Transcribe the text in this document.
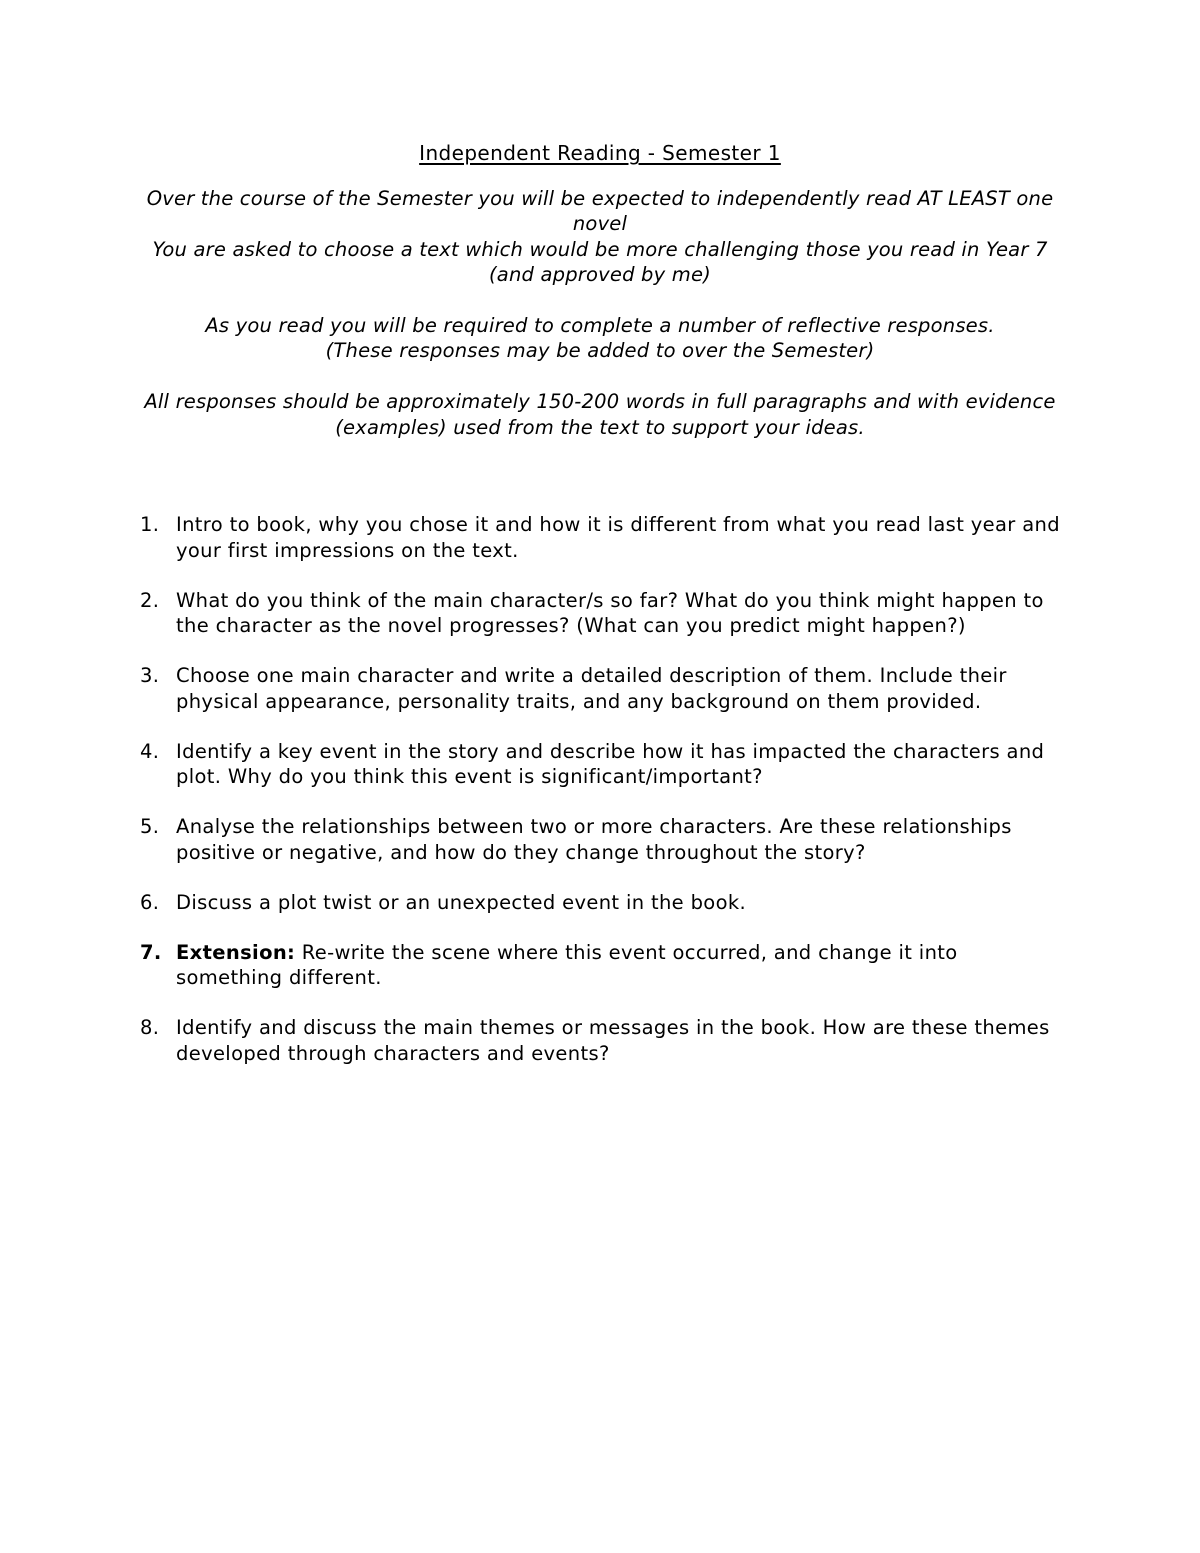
Independent Reading - Semester 1

Over the course of the Semester you will be expected to independently read AT LEAST one novel

You are asked to choose a text which would be more challenging those you read in Year 7 (and approved by me)

As you read you will be required to complete a number of reflective responses.

(These responses may be added to over the Semester)

All responses should be approximately 150-200 words in full paragraphs and with evidence (examples) used from the text to support your ideas.

1. Intro to book, why you chose it and how it is different from what you read last year and your first impressions on the text.
2. What do you think of the main character/s so far? What do you think might happen to the character as the novel progresses? (What can you predict might happen?)
3. Choose one main character and write a detailed description of them. Include their physical appearance, personality traits, and any background on them provided.
4. Identify a key event in the story and describe how it has impacted the characters and plot. Why do you think this event is significant/important?
5. Analyse the relationships between two or more characters. Are these relationships positive or negative, and how do they change throughout the story?
6. Discuss a plot twist or an unexpected event in the book.
7. Extension: Re-write the scene where this event occurred, and change it into something different.
8. Identify and discuss the main themes or messages in the book. How are these themes developed through characters and events?
